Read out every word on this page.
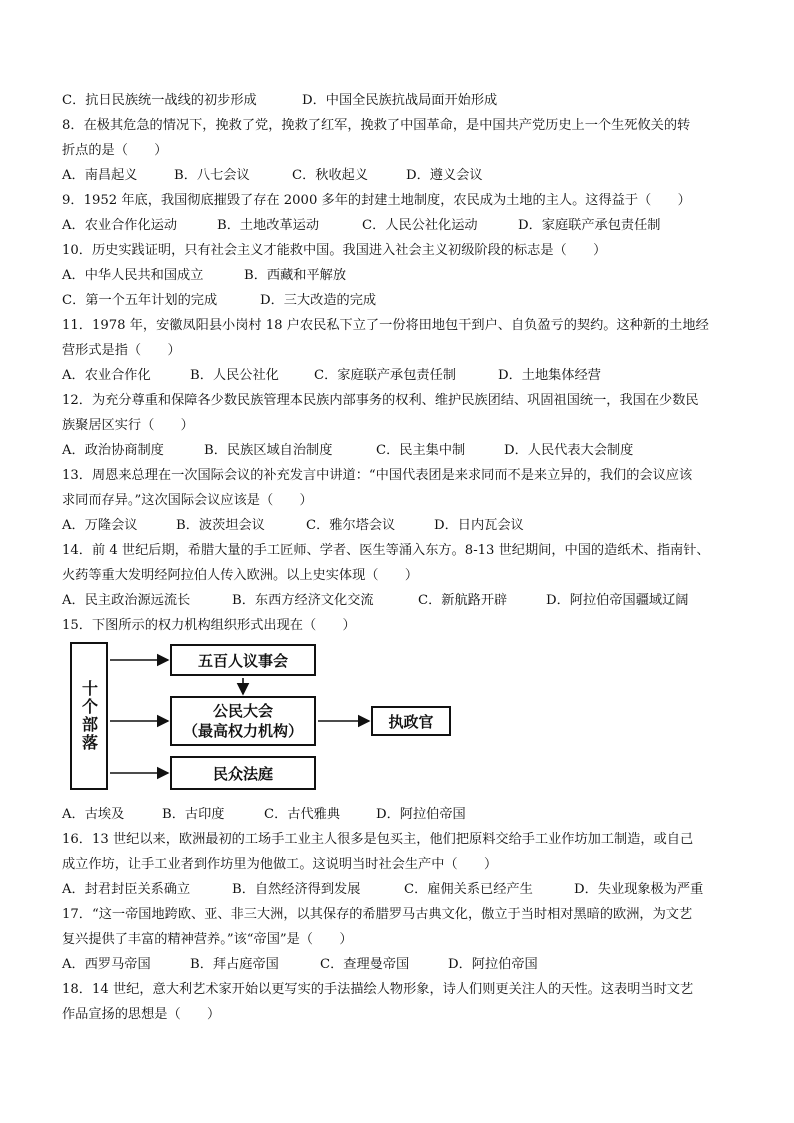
C．抗日民族统一战线的初步形成	D．中国全民族抗战局面开始形成
8．在极其危急的情况下，挽救了党，挽救了红军，挽救了中国革命，是中国共产党历史上一个生死攸关的转
折点的是（　　）
A．南昌起义	B．八七会议	C．秋收起义	D．遵义会议
9．1952 年底，我国彻底摧毁了存在 2000 多年的封建土地制度，农民成为土地的主人。这得益于（　　）
A．农业合作化运动	B．土地改革运动	C．人民公社化运动	D．家庭联产承包责任制
10．历史实践证明，只有社会主义才能救中国。我国进入社会主义初级阶段的标志是（　　）
A．中华人民共和国成立	B．西藏和平解放
C．第一个五年计划的完成	D．三大改造的完成
11．1978 年，安徽凤阳县小岗村 18 户农民私下立了一份将田地包干到户、自负盈亏的契约。这种新的土地经
营形式是指（　　）
A．农业合作化	B．人民公社化	C．家庭联产承包责任制	D．土地集体经营
12．为充分尊重和保障各少数民族管理本民族内部事务的权利、维护民族团结、巩固祖国统一，我国在少数民
族聚居区实行（　　）
A．政治协商制度	B．民族区域自治制度	C．民主集中制	D．人民代表大会制度
13．周恩来总理在一次国际会议的补充发言中讲道：“中国代表团是来求同而不是来立异的，我们的会议应该
求同而存异。”这次国际会议应该是（　　）
A．万隆会议	B．波茨坦会议	C．雅尔塔会议	D．日内瓦会议
14．前 4 世纪后期，希腊大量的手工匠师、学者、医生等涌入东方。8-13 世纪期间，中国的造纸术、指南针、
火药等重大发明经阿拉伯人传入欧洲。以上史实体现（　　）
A．民主政治源远流长	B．东西方经济文化交流	C．新航路开辟	D．阿拉伯帝国疆域辽阔
15．下图所示的权力机构组织形式出现在（　　）
十个部落
五百人议事会
公民大会
（最高权力机构）
民众法庭
执政官
A．古埃及	B．古印度	C．古代雅典	D．阿拉伯帝国
16．13 世纪以来，欧洲最初的工场手工业主人很多是包买主，他们把原料交给手工业作坊加工制造，或自己
成立作坊，让手工业者到作坊里为他做工。这说明当时社会生产中（　　）
A．封君封臣关系确立	B．自然经济得到发展	C．雇佣关系已经产生	D．失业现象极为严重
17．“这一帝国地跨欧、亚、非三大洲，以其保存的希腊罗马古典文化，傲立于当时相对黑暗的欧洲，为文艺
复兴提供了丰富的精神营养。”该“帝国”是（　　）
A．西罗马帝国	B．拜占庭帝国	C．查理曼帝国	D．阿拉伯帝国
18．14 世纪，意大利艺术家开始以更写实的手法描绘人物形象，诗人们则更关注人的天性。这表明当时文艺
作品宣扬的思想是（　　）
